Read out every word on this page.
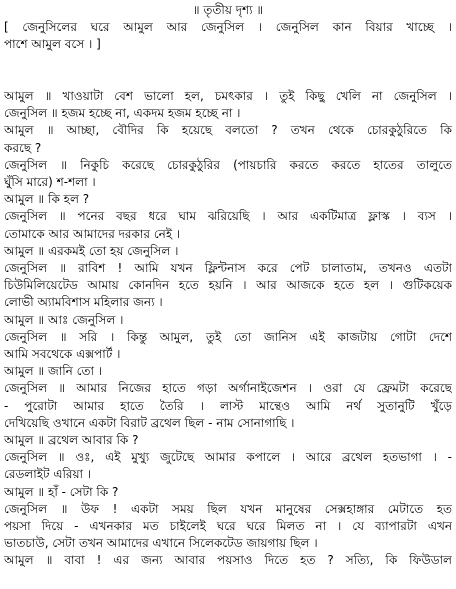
॥ তৃতীয় দৃশ্য ॥
[ জেনুসিলের ঘরে আমুল আর জেনুসিল । জেনুসিল কান বিয়ার খাচ্ছে ।
পাশে আমুল বসে । ]
আমুল ॥ খাওয়াটা বেশ ভালো হল, চমৎকার । তুই কিছু খেলি না জেনুসিল ।
জেনুসিল ॥ হজম হচ্ছে না, একদম হজম হচ্ছে না ।
আমুল ॥ আচ্ছা, বৌদির কি হয়েছে বলতো ? তখন থেকে চোরকুঠুরিতে কি
করছে ?
জেনুসিল ॥ নিকুচি করেছে চোরকুঠুরির (পায়চারি করতে করতে হাতের তালুতে
ঘুঁসি মারে) শ-শলা ।
আমুল ॥ কি হল ?
জেনুসিল ॥ পনের বছর ধরে ঘাম ঝরিয়েছি । আর একটিমাত্র ফ্লাস্ক । ব্যস ।
তোমাকে আর আমাদের দরকার নেই ।
আমুল ॥ এরকমই তো হয় জেনুসিল ।
জেনুসিল ॥ রাবিশ ! আমি যখন ফ্লিন্টনাস করে পেট চালাতাম, তখনও এতটা
চিউমিলিয়েটেড আমায় কোনদিন হতে হয়নি । আর আজকে হতে হল । গুটিকয়েক
লোভী অ্যামবিশাস মহিলার জন্য ।
আমুল ॥ আঃ জেনুসিল ।
জেনুসিল ॥ সরি । কিন্তু আমুল, তুই তো জানিস এই কাজটায় গোটা দেশে
আমি সবথেকে এক্সপার্ট ।
আমুল ॥ জানি তো ।
জেনুসিল ॥ আমার নিজের হাতে গড়া অর্গানাইজেশন । ওরা যে ফ্রেমটা করেছে
- পুরোটা আমার হাতে তৈরি । লাস্ট মান্থেও আমি নর্থ সুতানুটি খুঁড়ে
দেখিয়েছি ওখানে একটা বিরাট ব্রথেল ছিল - নাম সোনাগাছি ।
আমুল ॥ ব্রথেল আবার কি ?
জেনুসিল ॥ ওঃ, এই মুখ্যু জুটেছে আমার কপালে । আরে ব্রথেল হতভাগা । -
রেডলাইট এরিয়া ।
আমুল ॥ হাঁ - সেটা কি ?
জেনুসিল ॥ উফ ! একটা সময় ছিল যখন মানুষের সেক্সহাঙ্গার মেটাতে হত
পয়সা দিয়ে - এখনকার মত চাইলেই ঘরে ঘরে মিলত না । যে ব্যাপারটা এখন
ভাতচাউ, সেটা তখন আমাদের এখানে সিলেকটেড জায়গায় ছিল ।
আমুল ॥ বাবা ! এর জন্য আবার পয়সাও দিতে হত ? সত্যি, কি ফিউডাল
